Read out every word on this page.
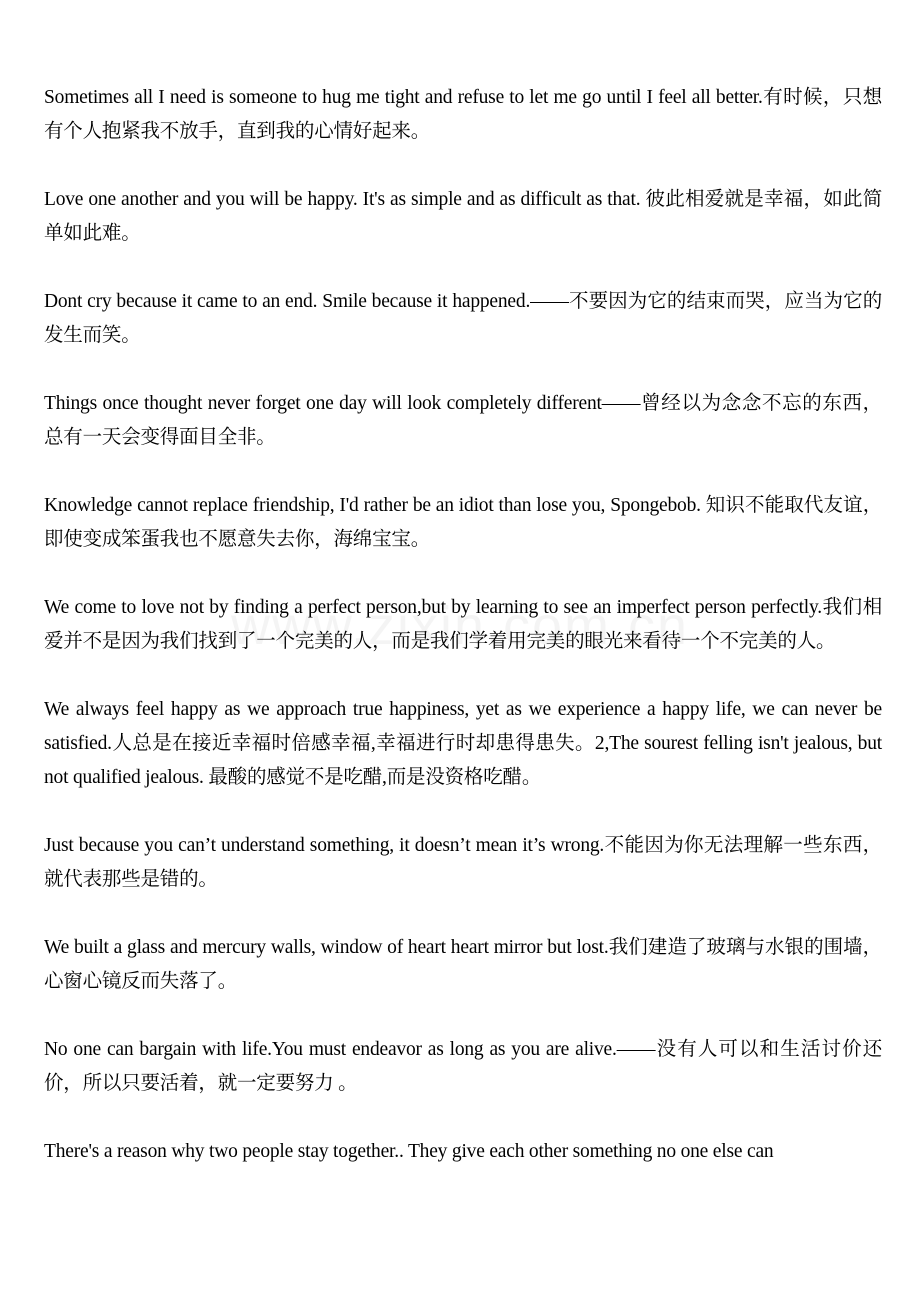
Sometimes all I need is someone to hug me tight and refuse to let me go until I feel all better.有时候，只想有个人抱紧我不放手，直到我的心情好起来。

Love one another and you will be happy. It's as simple and as difficult as that. 彼此相爱就是幸福，如此简单如此难。

Dont cry because it came to an end. Smile because it happened.——不要因为它的结束而哭，应当为它的发生而笑。

Things once thought never forget one day will look completely different——曾经以为念念不忘的东西，总有一天会变得面目全非。

Knowledge cannot replace friendship, I'd rather be an idiot than lose you, Spongebob. 知识不能取代友谊，即使变成笨蛋我也不愿意失去你，海绵宝宝。

We come to love not by finding a perfect person,but by learning to see an imperfect person perfectly.我们相爱并不是因为我们找到了一个完美的人，而是我们学着用完美的眼光来看待一个不完美的人。

We always feel happy as we approach true happiness, yet as we experience a happy life, we can never be satisfied.人总是在接近幸福时倍感幸福,幸福进行时却患得患失。2,The sourest felling isn't jealous, but not qualified jealous. 最酸的感觉不是吃醋,而是没资格吃醋。

Just because you can’t understand something, it doesn’t mean it’s wrong.不能因为你无法理解一些东西，就代表那些是错的。

We built a glass and mercury walls, window of heart heart mirror but lost.我们建造了玻璃与水银的围墙，心窗心镜反而失落了。

No one can bargain with life.You must endeavor as long as you are alive.——没有人可以和生活讨价还价，所以只要活着，就一定要努力 。

There's a reason why two people stay together.. They give each other something no one else can
